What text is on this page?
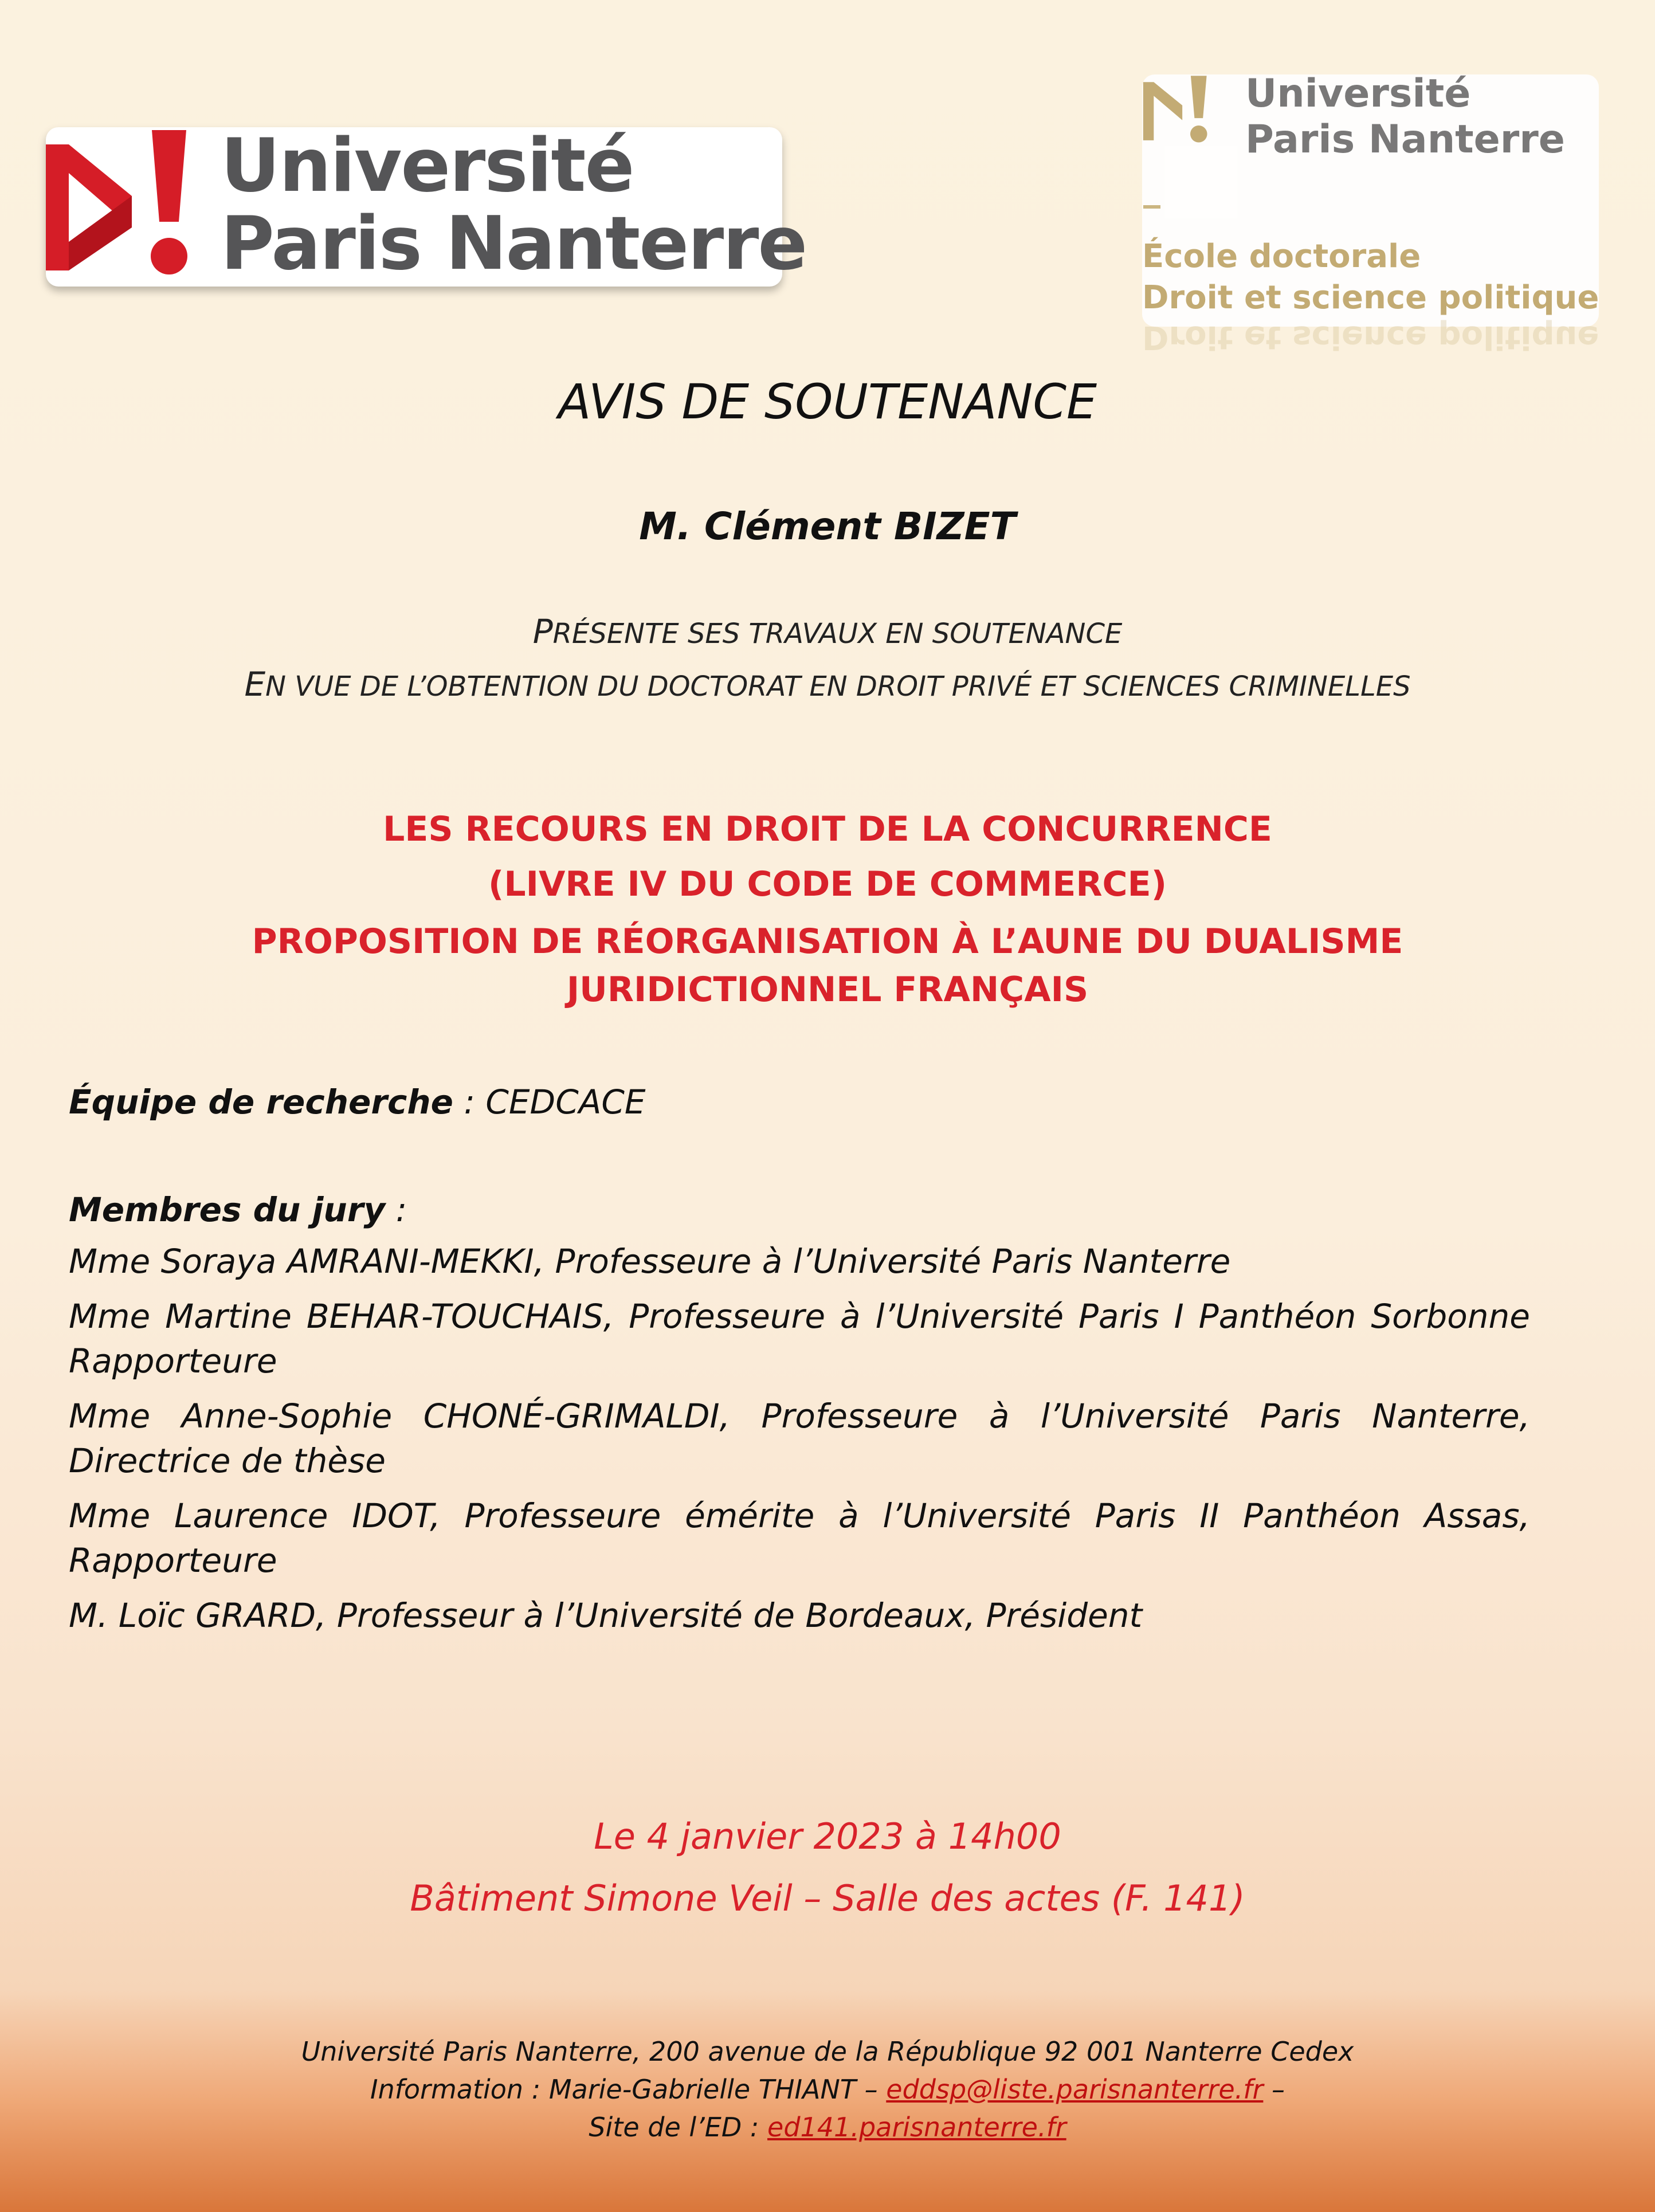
Université
Paris Nanterre
Université
Paris Nanterre
École doctorale
Droit et science politique
Droit et science politique
AVIS DE SOUTENANCE
M. Clément BIZET
PRÉSENTE SES TRAVAUX EN SOUTENANCE
EN VUE DE L’OBTENTION DU DOCTORAT EN DROIT PRIVÉ ET SCIENCES CRIMINELLES
LES RECOURS EN DROIT DE LA CONCURRENCE
(LIVRE IV DU CODE DE COMMERCE)
PROPOSITION DE RÉORGANISATION À L’AUNE DU DUALISME
JURIDICTIONNEL FRANÇAIS
Équipe de recherche : CEDCACE
Membres du jury :

Mme Soraya AMRANI-MEKKI, Professeure à l’Université Paris Nanterre

Mme Martine BEHAR-TOUCHAIS, Professeure à l’Université Paris I Panthéon Sorbonne Rapporteure

Mme Anne-Sophie CHONÉ-GRIMALDI, Professeure à l’Université Paris Nanterre, Directrice de thèse

Mme Laurence IDOT, Professeure émérite à l’Université Paris II Panthéon Assas, Rapporteure

M. Loïc GRARD, Professeur à l’Université de Bordeaux, Président

Le 4 janvier 2023 à 14h00
Bâtiment Simone Veil – Salle des actes (F. 141)
Université Paris Nanterre, 200 avenue de la République 92 001 Nanterre Cedex
Information : Marie-Gabrielle THIANT – eddsp@liste.parisnanterre.fr –
Site de l’ED : ed141.parisnanterre.fr
